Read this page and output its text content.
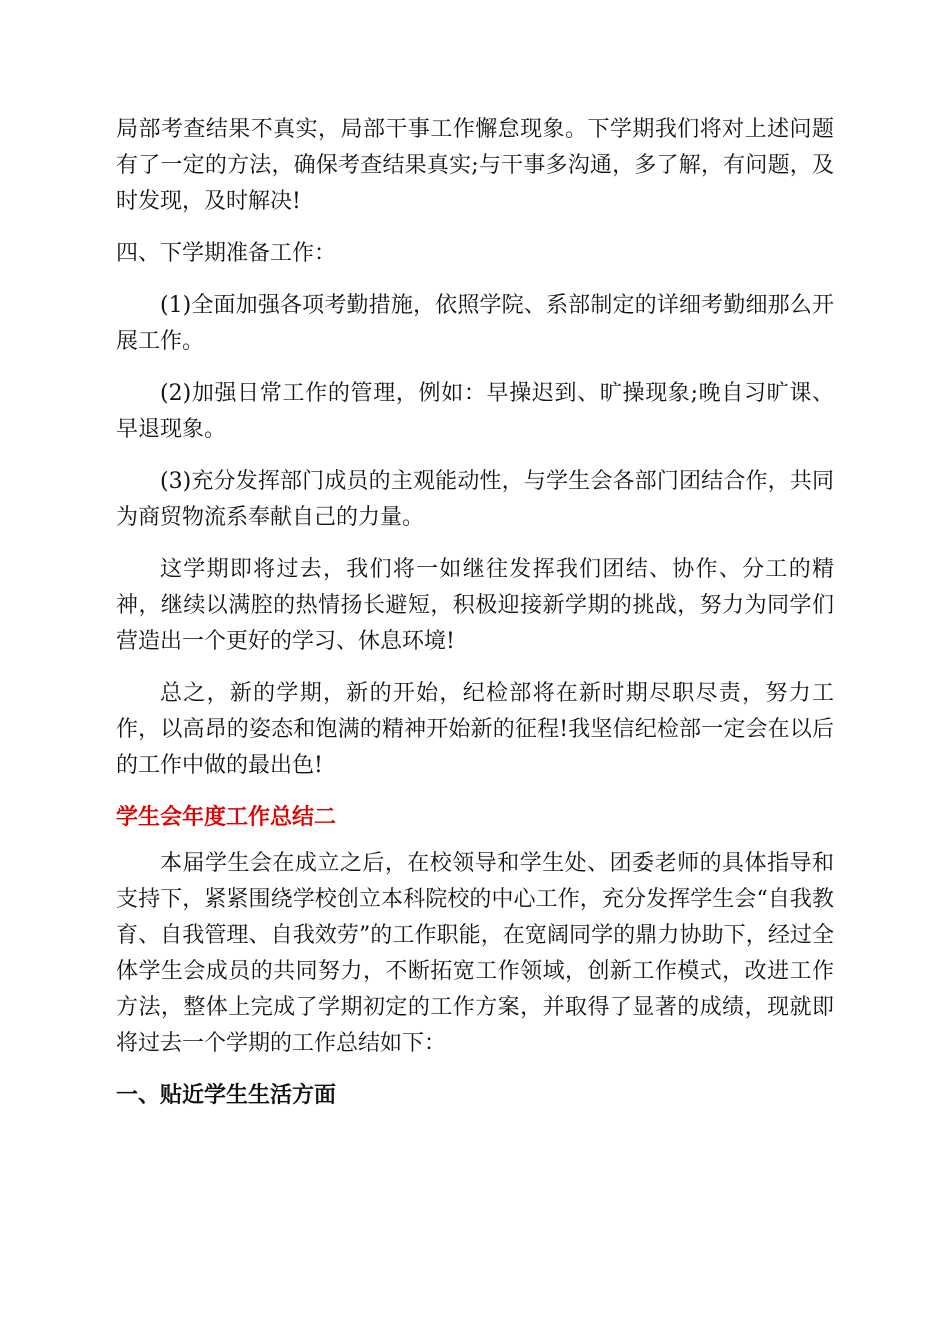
局部考查结果不真实，局部干事工作懈怠现象。下学期我们将对上述问题有了一定的方法，确保考查结果真实;与干事多沟通，多了解，有问题，及时发现，及时解决!

四、下学期准备工作：

(1)全面加强各项考勤措施，依照学院、系部制定的详细考勤细那么开展工作。

(2)加强日常工作的管理，例如：早操迟到、旷操现象;晚自习旷课、早退现象。

(3)充分发挥部门成员的主观能动性，与学生会各部门团结合作，共同为商贸物流系奉献自己的力量。

这学期即将过去，我们将一如继往发挥我们团结、协作、分工的精神，继续以满腔的热情扬长避短，积极迎接新学期的挑战，努力为同学们营造出一个更好的学习、休息环境!

总之，新的学期，新的开始，纪检部将在新时期尽职尽责，努力工作，以高昂的姿态和饱满的精神开始新的征程!我坚信纪检部一定会在以后的工作中做的最出色!

学生会年度工作总结二

本届学生会在成立之后，在校领导和学生处、团委老师的具体指导和支持下，紧紧围绕学校创立本科院校的中心工作，充分发挥学生会“自我教育、自我管理、自我效劳”的工作职能，在宽阔同学的鼎力协助下，经过全体学生会成员的共同努力，不断拓宽工作领域，创新工作模式，改进工作方法，整体上完成了学期初定的工作方案，并取得了显著的成绩，现就即将过去一个学期的工作总结如下：

一、贴近学生生活方面
